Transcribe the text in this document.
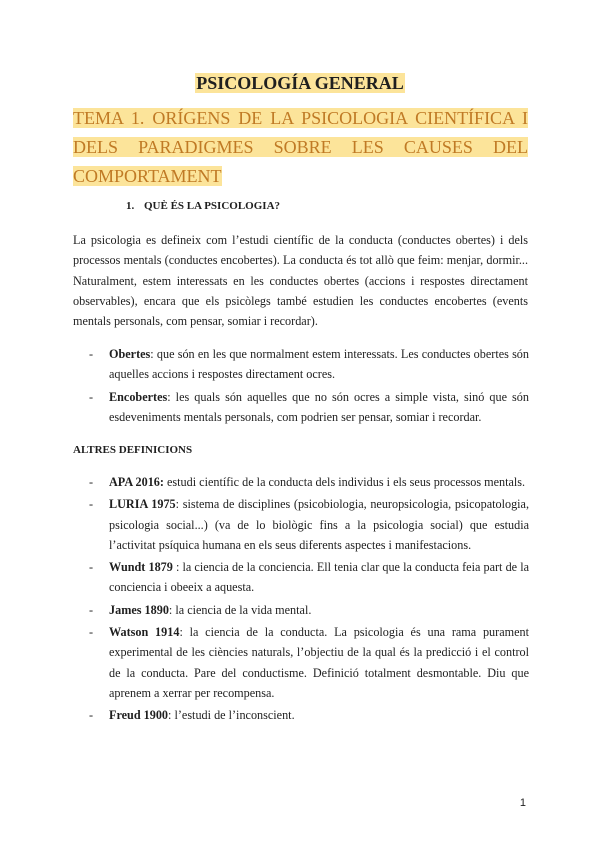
PSICOLOGÍA GENERAL
TEMA 1. ORÍGENS DE LA PSICOLOGIA CIENTÍFICA I
DELS PARADIGMES SOBRE LES CAUSES DEL
COMPORTAMENT
1. QUÈ ÉS LA PSICOLOGIA?

La psicologia es defineix com l’estudi científic de la conducta (conductes obertes) i dels processos mentals (conductes encobertes). La conducta és tot allò que feim: menjar, dormir... Naturalment, estem interessats en les conductes obertes (accions i respostes directament observables), encara que els psicòlegs també estudien les conductes encobertes (events mentals personals, com pensar, somiar i recordar).

- Obertes: que són en les que normalment estem interessats. Les conductes obertes són aquelles accions i respostes directament ocres.
- Encobertes: les quals són aquelles que no són ocres a simple vista, sinó que són esdeveniments mentals personals, com podrien ser pensar, somiar i recordar.
ALTRES DEFINICIONS
- APA 2016: estudi científic de la conducta dels individus i els seus processos mentals.
- LURIA 1975: sistema de disciplines (psicobiologia, neuropsicologia, psicopatologia, psicologia social...) (va de lo biològic fins a la psicologia social) que estudia l’activitat psíquica humana en els seus diferents aspectes i manifestacions.
- Wundt 1879 : la ciencia de la conciencia. Ell tenia clar que la conducta feia part de la conciencia i obeeix a aquesta.
- James 1890: la ciencia de la vida mental.
- Watson 1914: la ciencia de la conducta. La psicologia és una rama purament experimental de les ciències naturals, l’objectiu de la qual és la predicció i el control de la conducta. Pare del conductisme. Definició totalment desmontable. Diu que aprenem a xerrar per recompensa.
- Freud 1900: l’estudi de l’inconscient.
1
